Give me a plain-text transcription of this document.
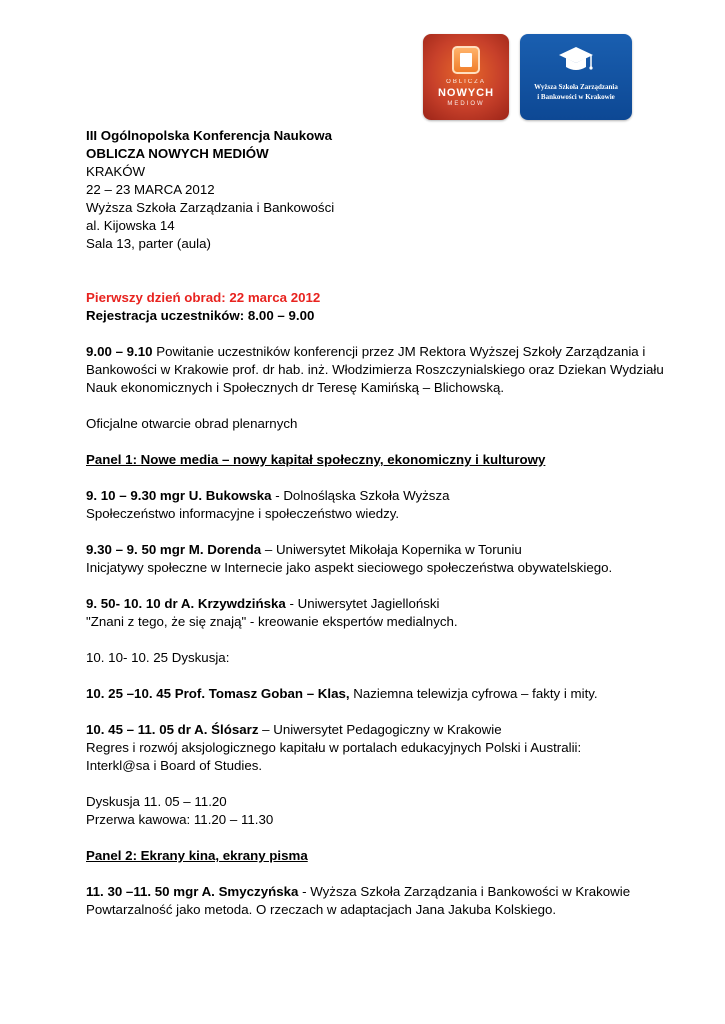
OBLICZA
NOWYCH
MEDIÓW
Wyższa Szkoła Zarządzania
i Bankowości w Krakowie

III Ogólnopolska Konferencja Naukowa

OBLICZA NOWYCH MEDIÓW

KRAKÓW

22 – 23 MARCA 2012

Wyższa Szkoła Zarządzania i Bankowości

al. Kijowska 14

Sala 13, parter (aula)

Pierwszy dzień obrad: 22 marca 2012

Rejestracja uczestników: 8.00 – 9.00

9.00 – 9.10 Powitanie uczestników konferencji przez JM Rektora Wyższej Szkoły Zarządzania i Bankowości w Krakowie prof. dr hab. inż. Włodzimierza Roszczynialskiego oraz Dziekan Wydziału Nauk ekonomicznych i Społecznych dr Teresę Kamińską – Blichowską.

Oficjalne otwarcie obrad plenarnych

Panel 1: Nowe media – nowy kapitał społeczny, ekonomiczny i kulturowy

9. 10 – 9.30 mgr U. Bukowska - Dolnośląska Szkoła Wyższa

Społeczeństwo informacyjne i społeczeństwo wiedzy.

9.30 – 9. 50 mgr M. Dorenda – Uniwersytet Mikołaja Kopernika w Toruniu

Inicjatywy społeczne w Internecie jako aspekt sieciowego społeczeństwa obywatelskiego.

9. 50- 10. 10 dr A. Krzywdzińska - Uniwersytet Jagielloński

"Znani z tego, że się znają" - kreowanie ekspertów medialnych.

10. 10- 10. 25 Dyskusja:

10. 25 –10. 45 Prof. Tomasz Goban – Klas, Naziemna telewizja cyfrowa – fakty i mity.

10. 45 – 11. 05 dr A. Ślósarz – Uniwersytet Pedagogiczny w Krakowie

Regres i rozwój aksjologicznego kapitału w portalach edukacyjnych Polski i Australii:

Interkl@sa i Board of Studies.

Dyskusja 11. 05 – 11.20

Przerwa kawowa: 11.20 – 11.30

Panel 2: Ekrany kina, ekrany pisma

11. 30 –11. 50 mgr A. Smyczyńska - Wyższa Szkoła Zarządzania i Bankowości w Krakowie

Powtarzalność jako metoda. O rzeczach w adaptacjach Jana Jakuba Kolskiego.
